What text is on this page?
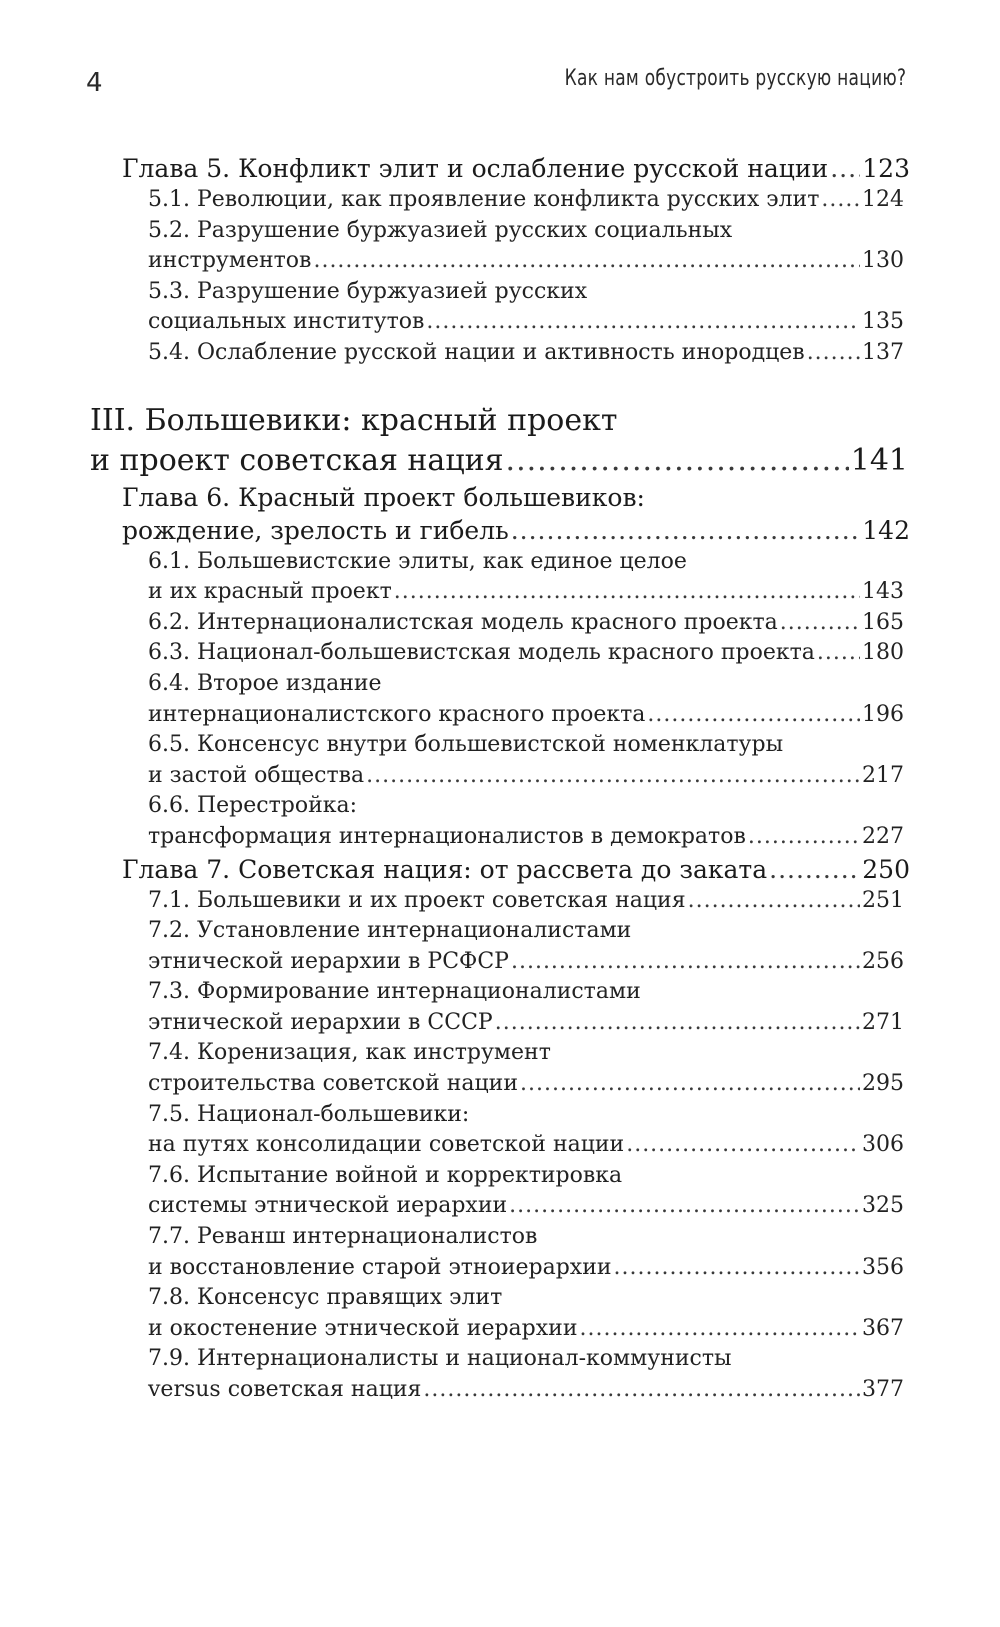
4	Как нам обустроить русскую нацию?
Глава 5. Конфликт элит и ослабление русской нации ..... 123
5.1. Революции, как проявление конфликта русских элит ..... 124
5.2. Разрушение буржуазией русских социальных
инструментов .....	130
5.3. Разрушение буржуазией русских
социальных институтов .....	135
5.4. Ослабление русской нации и активность инородцев .....	137
III. Большевики: красный проект
и проект советская нация .....	141
Глава 6. Красный проект большевиков:
рождение, зрелость и гибель .....	142
6.1. Большевистские элиты, как единое целое
и их красный проект .....	143
6.2. Интернационалистская модель красного проекта .....	165
6.3. Национал-большевистская модель красного проекта ..... 180
6.4. Второе издание
интернационалистского красного проекта .....	196
6.5. Консенсус внутри большевистской номенклатуры
и застой общества .....	217
6.6. Перестройка:
трансформация интернационалистов в демократов .....	227
Глава 7. Советская нация: от рассвета до заката .....	250
7.1. Большевики и их проект советская нация .....	251
7.2. Установление интернационалистами
этнической иерархии в РСФСР .....	256
7.3. Формирование интернационалистами
этнической иерархии в СССР .....	271
7.4. Коренизация, как инструмент
строительства советской нации .....	295
7.5. Национал-большевики:
на путях консолидации советской нации .....	306
7.6. Испытание войной и корректировка
системы этнической иерархии .....	325
7.7. Реванш интернационалистов
и восстановление старой этноиерархии .....	356
7.8. Консенсус правящих элит
и окостенение этнической иерархии .....	367
7.9. Интернационалисты и национал-коммунисты
versus советская нация .....	377
